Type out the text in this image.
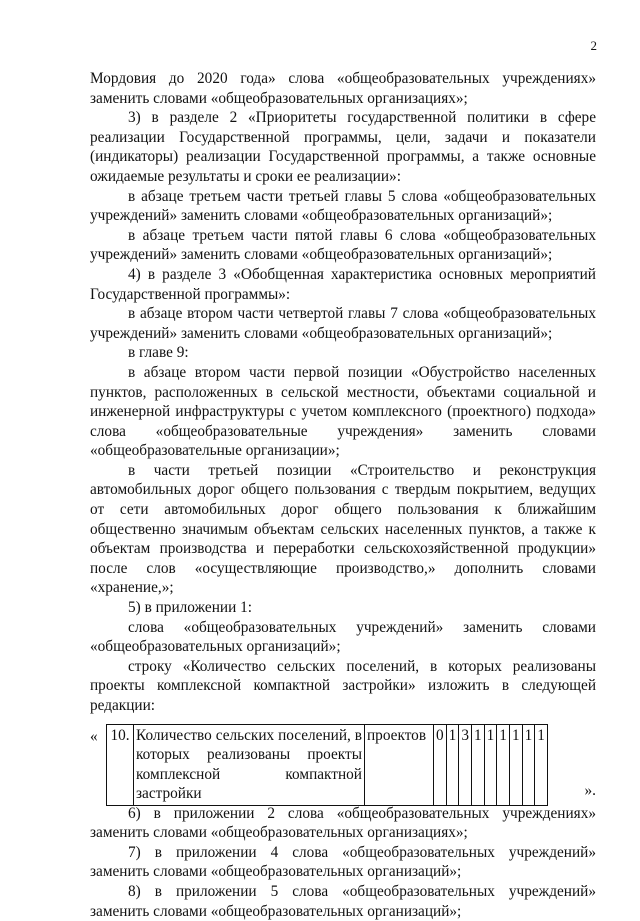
2

Мордовия до 2020 года» слова «общеобразовательных учреждениях» заменить словами «общеобразовательных организациях»;

3) в разделе 2 «Приоритеты государственной политики в сфере реализации Государственной программы, цели, задачи и показатели (индикаторы) реализации Государственной программы, а также основные ожидаемые результаты и сроки ее реализации»:

в абзаце третьем части третьей главы 5 слова «общеобразовательных учреждений» заменить словами «общеобразовательных организаций»;

в абзаце третьем части пятой главы 6 слова «общеобразовательных учреждений» заменить словами «общеобразовательных организаций»;

4) в разделе 3 «Обобщенная характеристика основных мероприятий Государственной программы»:

в абзаце втором части четвертой главы 7 слова «общеобразовательных учреждений» заменить словами «общеобразовательных организаций»;

в главе 9:

в абзаце втором части первой позиции «Обустройство населенных пунктов, расположенных в сельской местности, объектами социальной и инженерной инфраструктуры с учетом комплексного (проектного) подхода» слова «общеобразовательные учреждения» заменить словами «общеобразовательные организации»;

в части третьей позиции «Строительство и реконструкция автомобильных дорог общего пользования с твердым покрытием, ведущих от сети автомобильных дорог общего пользования к ближайшим общественно значимым объектам сельских населенных пунктов, а также к объектам производства и переработки сельскохозяйственной продукции» после слов «осуществляющие производство,» дополнить словами «хранение,»;

5) в приложении 1:

слова «общеобразовательных учреждений» заменить словами «общеобразовательных организаций»;

строку «Количество сельских поселений, в которых реализованы проекты комплексной компактной застройки» изложить в следующей редакции:

« 10.	Количество сельских поселений, в которых реализованы проекты комплексной компактной застройки	проектов	0	1	3	1	1	1	1	1	1
».

6) в приложении 2 слова «общеобразовательных учреждениях» заменить словами «общеобразовательных организациях»;

7) в приложении 4 слова «общеобразовательных учреждений» заменить словами «общеобразовательных организаций»;

8) в приложении 5 слова «общеобразовательных учреждений» заменить словами «общеобразовательных организаций»;
